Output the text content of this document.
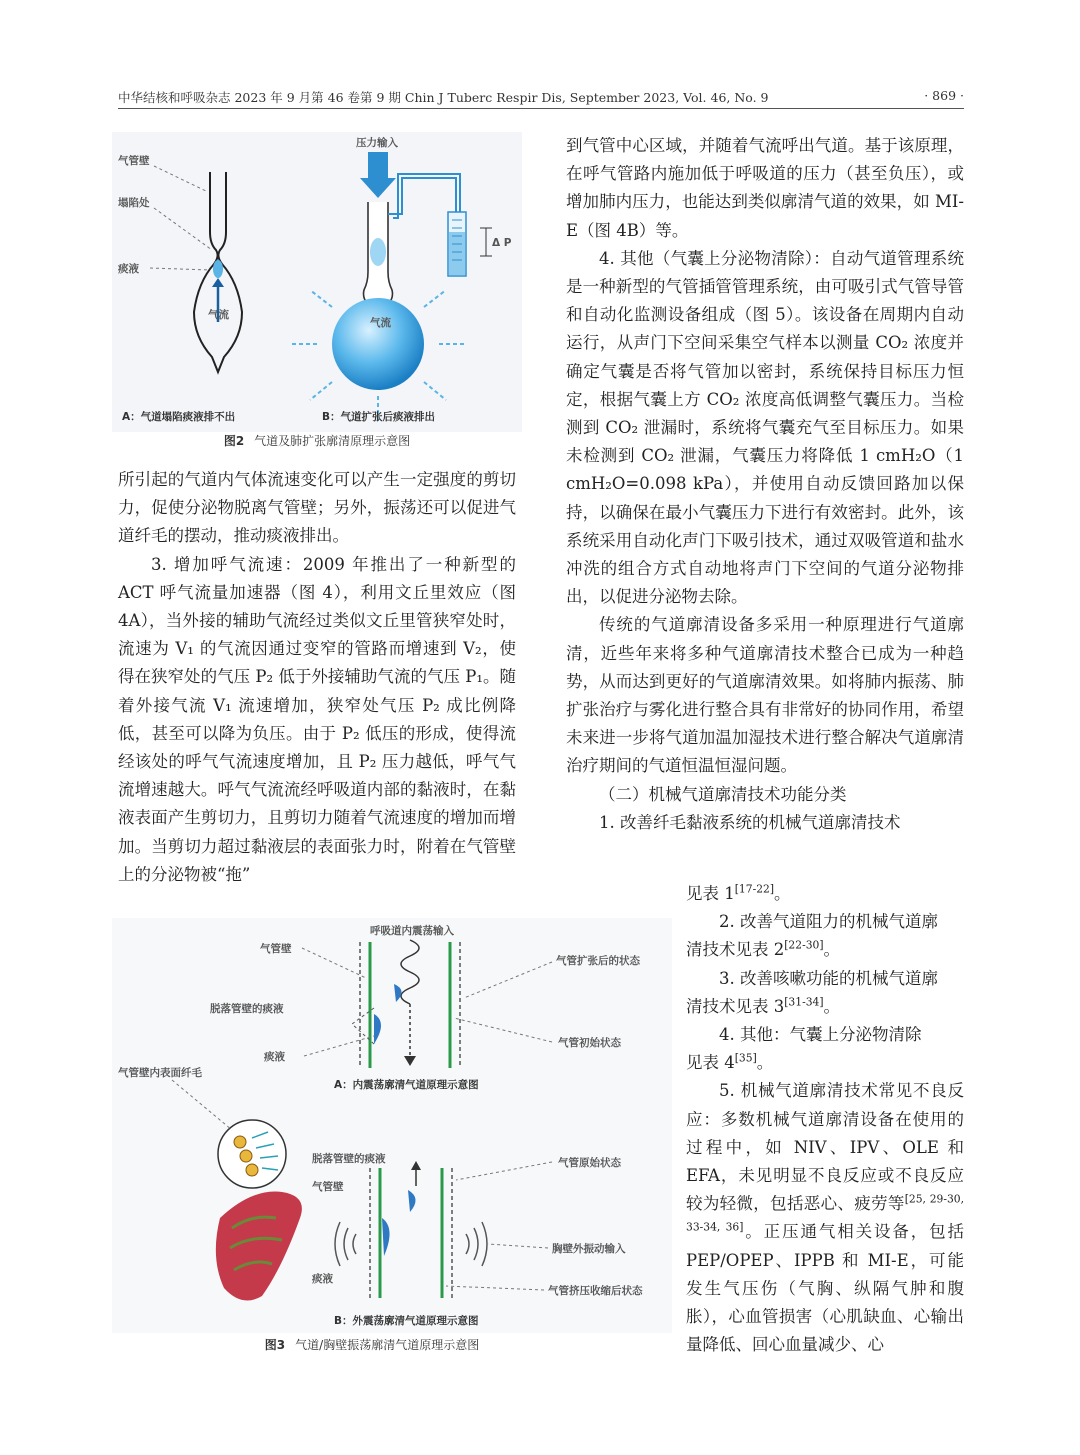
中华结核和呼吸杂志 2023 年 9 月第 46 卷第 9 期 Chin J Tuberc Respir Dis, September 2023, Vol. 46, No. 9	· 869 ·
气管壁
塌陷处
痰液
气流
压力输入
气流
Δ P
A：气道塌陷痰液排不出	B：气道扩张后痰液排出
图2 气道及肺扩张廓清原理示意图

所引起的气道内气体流速变化可以产生一定强度的剪切力，促使分泌物脱离气管壁；另外，振荡还可以促进气道纤毛的摆动，推动痰液排出。

3. 增加呼气流速：2009 年推出了一种新型的 ACT 呼气流量加速器（图 4），利用文丘里效应（图4A），当外接的辅助气流经过类似文丘里管狭窄处时，流速为 V₁ 的气流因通过变窄的管路而增速到 V₂，使得在狭窄处的气压 P₂ 低于外接辅助气流的气压 P₁。随着外接气流 V₁ 流速增加，狭窄处气压 P₂ 成比例降低，甚至可以降为负压。由于 P₂ 低压的形成，使得流经该处的呼气气流速度增加，且 P₂ 压力越低，呼气气流增速越大。呼气气流流经呼吸道内部的黏液时，在黏液表面产生剪切力，且剪切力随着气流速度的增加而增加。当剪切力超过黏液层的表面张力时，附着在气管壁上的分泌物被“拖”

呼吸道内震荡输入
气管壁
脱落管壁的痰液
痰液
气管扩张后的状态
气管初始状态
A：内震荡廓清气道原理示意图
气管壁内表面纤毛
脱落管壁的痰液
气管壁
痰液
气管原始状态
胸壁外振动输入
气管挤压收缩后状态
B：外震荡廓清气道原理示意图
图3 气道/胸壁振荡廓清气道原理示意图

到气管中心区域，并随着气流呼出气道。基于该原理，在呼气管路内施加低于呼吸道的压力（甚至负压），或增加肺内压力，也能达到类似廓清气道的效果，如 MI-E（图 4B）等。

4. 其他（气囊上分泌物清除）：自动气道管理系统是一种新型的气管插管管理系统，由可吸引式气管导管和自动化监测设备组成（图 5）。该设备在周期内自动运行，从声门下空间采集空气样本以测量 CO₂ 浓度并确定气囊是否将气管加以密封，系统保持目标压力恒定，根据气囊上方 CO₂ 浓度高低调整气囊压力。当检测到 CO₂ 泄漏时，系统将气囊充气至目标压力。如果未检测到 CO₂ 泄漏，气囊压力将降低 1 cmH₂O（1 cmH₂O=0.098 kPa），并使用自动反馈回路加以保持，以确保在最小气囊压力下进行有效密封。此外，该系统采用自动化声门下吸引技术，通过双吸管道和盐水冲洗的组合方式自动地将声门下空间的气道分泌物排出，以促进分泌物去除。

传统的气道廓清设备多采用一种原理进行气道廓清，近些年来将多种气道廓清技术整合已成为一种趋势，从而达到更好的气道廓清效果。如将肺内振荡、肺扩张治疗与雾化进行整合具有非常好的协同作用，希望未来进一步将气道加温加湿技术进行整合解决气道廓清治疗期间的气道恒温恒湿问题。

（二）机械气道廓清技术功能分类

1. 改善纤毛黏液系统的机械气道廓清技术

见表 1[17-22]。

2. 改善气道阻力的机械气道廓

清技术见表 2[22-30]。

3. 改善咳嗽功能的机械气道廓

清技术见表 3[31-34]。

4. 其他：气囊上分泌物清除

见表 4[35]。

5. 机械气道廓清技术常见不良反应：多数机械气道廓清设备在使用的过程中，如 NIV、IPV、OLE 和 EFA，未见明显不良反应或不良反应较为轻微，包括恶心、疲劳等[25, 29-30, 33-34, 36]。正压通气相关设备，包括 PEP/OPEP、IPPB 和 MI-E，可能发生气压伤（气胸、纵隔气肿和腹胀），心血管损害（心肌缺血、心输出量降低、回心血量减少、心
